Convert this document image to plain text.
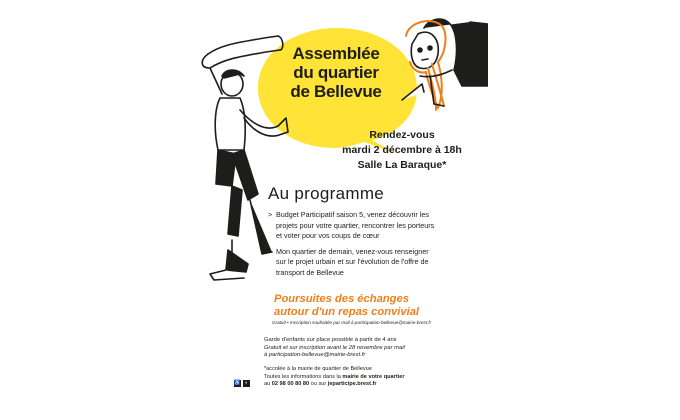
Assemblée
du quartier
de Bellevue
Rendez-vous
mardi 2 décembre à 18h
Salle La Baraque*
Au programme
> Budget Participatif saison 5, venez découvrir les
projets pour votre quartier, rencontrer les porteurs
et voter pour vos coups de cœur
> Mon quartier de demain, venez-vous renseigner
sur le projet urbain et sur l'évolution de l'offre de
transport de Bellevue
Poursuites des échanges
autour d'un repas convivial
Gratuit • Inscription souhaitée par mail à participation-bellevue@mairie-brest.fr
Garde d'enfants sur place possible à partir de 4 ans
Gratuit et sur inscription avant le 28 novembre par mail
à participation-bellevue@mairie-brest.fr
♿ ◐
*accolée à la mairie de quartier de Bellevue
Toutes les informations dans la mairie de votre quartier
au 02 98 00 80 80 ou sur jeparticipe.brest.fr
